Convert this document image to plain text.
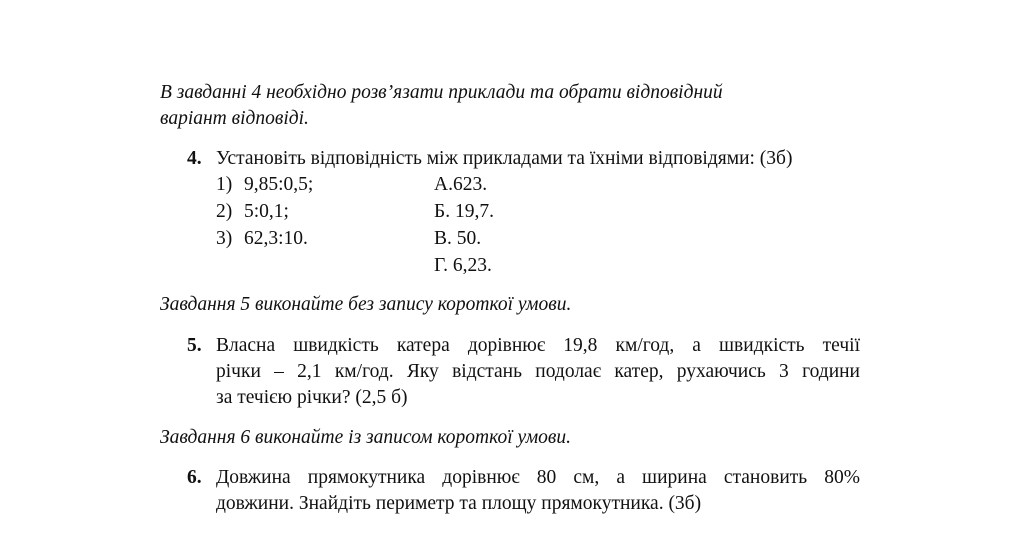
В завданні 4 необхідно розв’язати приклади та обрати відповідний
варіант відповіді.
4. Установіть відповідність між прикладами та їхніми відповідями: (3б)
1) 9,85:0,5;
2) 5:0,1;
3) 62,3:10.
А.623.
Б. 19,7.
В. 50.
Г. 6,23.
Завдання 5 виконайте без запису короткої умови.
5. Власна швидкість катера дорівнює 19,8 км/год, а швидкість течії
річки – 2,1 км/год. Яку відстань подолає катер, рухаючись 3 години
за течією річки? (2,5 б)
Завдання 6 виконайте із записом короткої умови.
6. Довжина прямокутника дорівнює 80 см, а ширина становить 80%
довжини. Знайдіть периметр та площу прямокутника. (3б)
